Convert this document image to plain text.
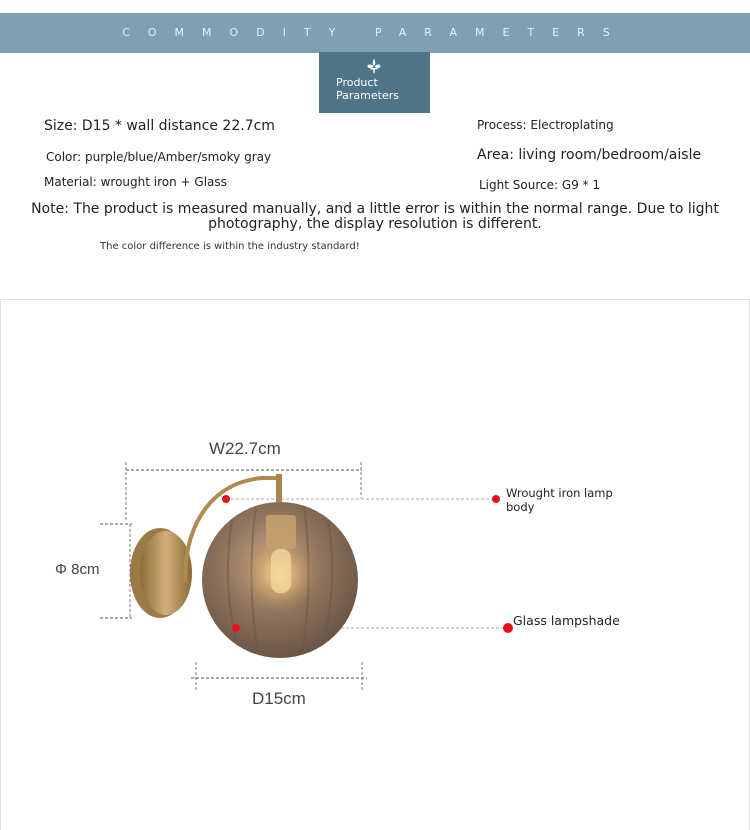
COMMODITY PARAMETERS
Product
Parameters
Size: D15 * wall distance 22.7cm
Color: purple/blue/Amber/smoky gray
Material: wrought iron + Glass
Process: Electroplating
Area: living room/bedroom/aisle
Light Source: G9 * 1
Note: The product is measured manually, and a little error is within the normal range. Due to light photography, the display resolution is different.
The color difference is within the industry standard!
W22.7cm
Φ 8cm
D15cm
Wrought iron lamp
body
Glass lampshade
